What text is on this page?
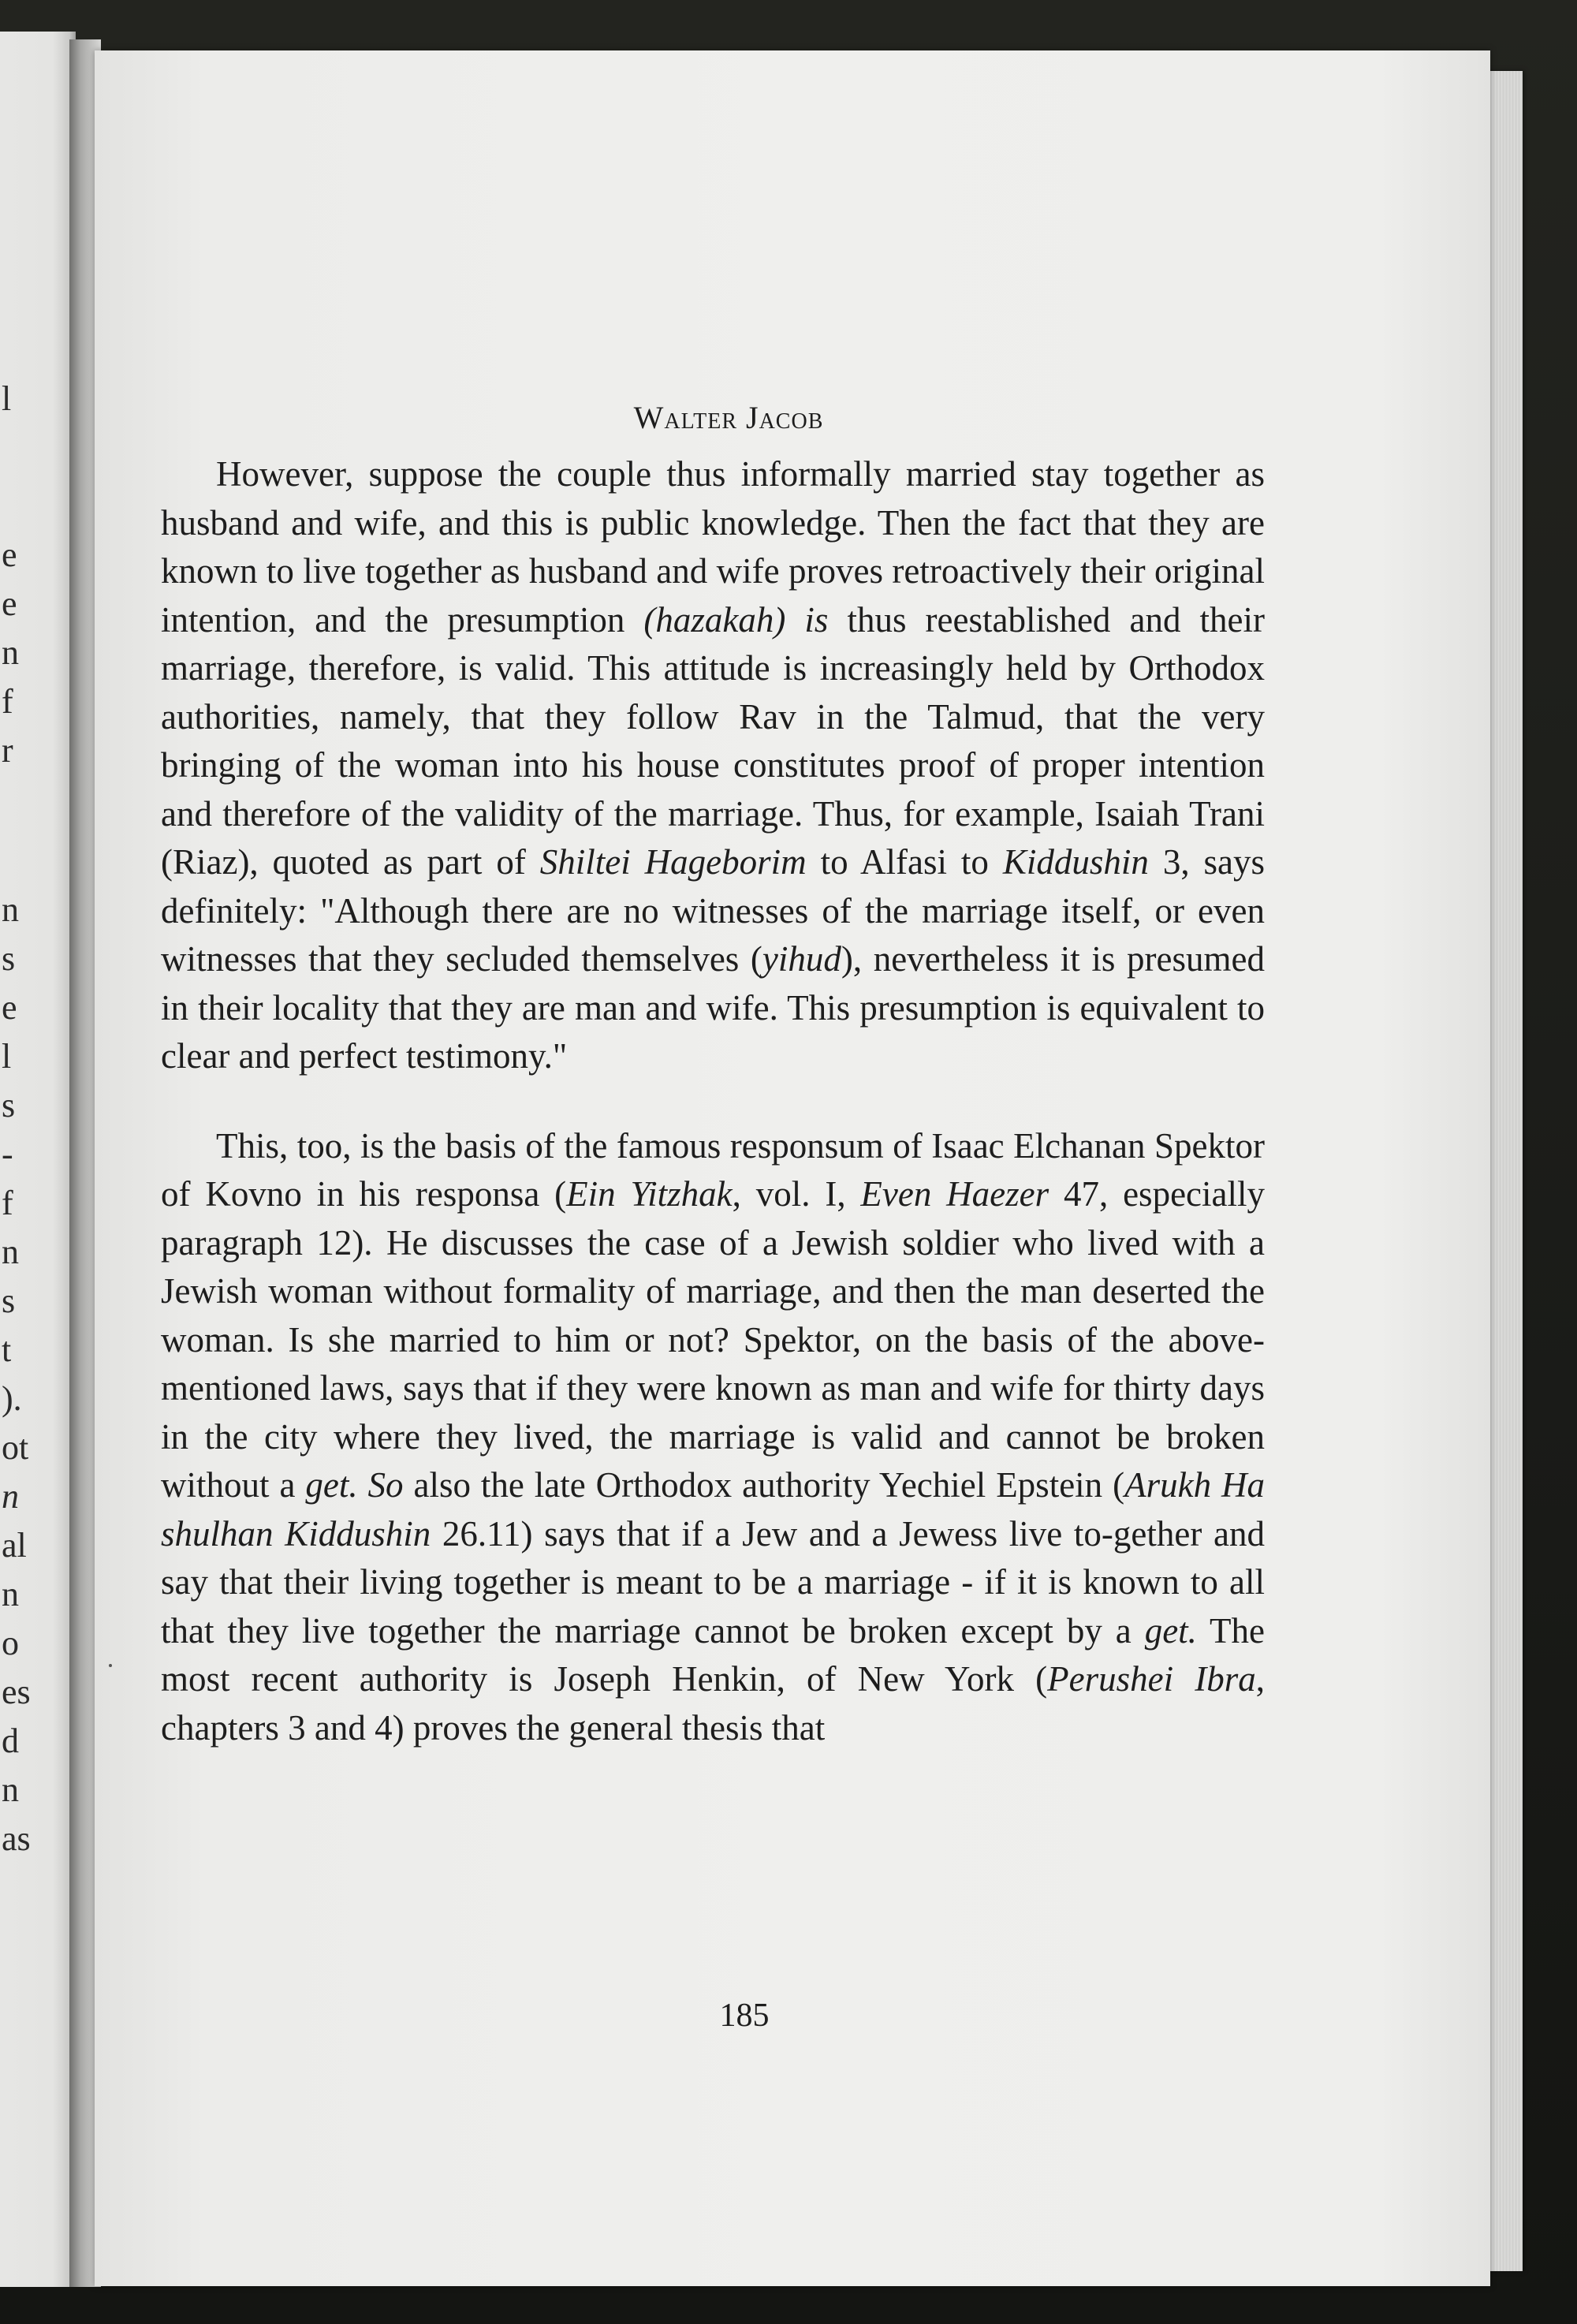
l
e
e
n
f
r
n
s
e
l
s
-
f
n
s
t
).
ot
n
al
n
o
es
d
n
as
Walter Jacob

However, suppose the couple thus informally married stay together as husband and wife, and this is public knowledge. Then the fact that they are known to live together as husband and wife proves retroactively their original intention, and the presumption (hazakah) is thus reestablished and their marriage, therefore, is valid. This attitude is increasingly held by Orthodox authorities, namely, that they follow Rav in the Talmud, that the very bringing of the woman into his house constitutes proof of proper intention and therefore of the validity of the marriage. Thus, for example, Isaiah Trani (Riaz), quoted as part of Shiltei Hageborim to Alfasi to Kiddushin 3, says definitely: "Although there are no witnesses of the marriage itself, or even witnesses that they secluded themselves (yihud), nevertheless it is presumed in their locality that they are man and wife. This presumption is equivalent to clear and perfect testimony."

This, too, is the basis of the famous responsum of Isaac Elchanan Spektor of Kovno in his responsa (Ein Yitzhak, vol. I, Even Haezer 47, especially paragraph 12). He discusses the case of a Jewish soldier who lived with a Jewish woman without formality of marriage, and then the man deserted the woman. Is she married to him or not? Spektor, on the basis of the above-mentioned laws, says that if they were known as man and wife for thirty days in the city where they lived, the marriage is valid and cannot be broken without a get. So also the late Orthodox authority Yechiel Epstein (Arukh Ha shulhan Kiddushin 26.11) says that if a Jew and a Jewess live to-gether and say that their living together is meant to be a marriage - if it is known to all that they live together the marriage cannot be broken except by a get. The most recent authority is Joseph Henkin, of New York (Perushei Ibra, chapters 3 and 4) proves the general thesis that

185
